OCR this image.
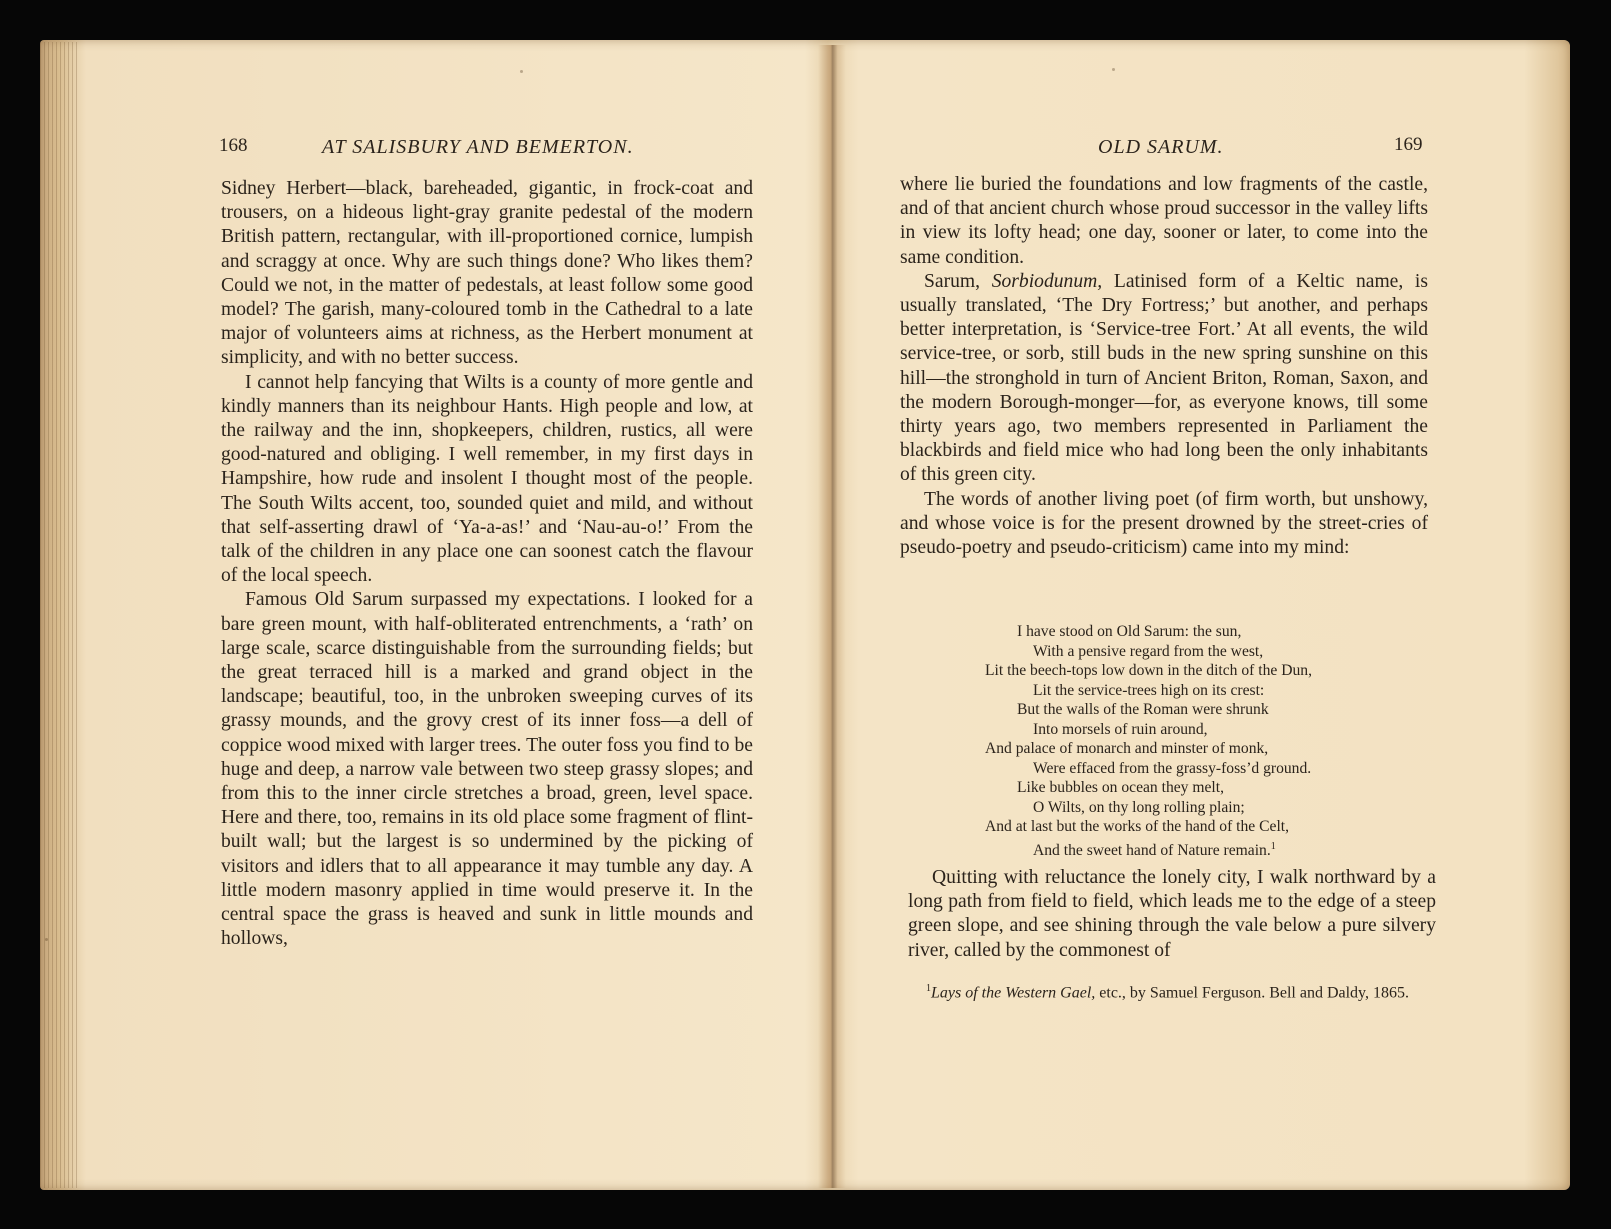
168	AT SALISBURY AND BEMERTON.

Sidney Herbert—black, bareheaded, gigantic, in frock-coat and trousers, on a hideous light-gray granite pedestal of the modern British pattern, rectangular, with ill-proportioned cornice, lumpish and scraggy at once. Why are such things done? Who likes them? Could we not, in the matter of pedestals, at least follow some good model? The garish, many-coloured tomb in the Cathedral to a late major of volunteers aims at richness, as the Herbert monument at simplicity, and with no better success.

I cannot help fancying that Wilts is a county of more gentle and kindly manners than its neighbour Hants. High people and low, at the railway and the inn, shopkeepers, children, rustics, all were good-natured and obliging. I well remember, in my first days in Hampshire, how rude and insolent I thought most of the people. The South Wilts accent, too, sounded quiet and mild, and without that self-asserting drawl of ‘Ya-a-as!’ and ‘Nau-au-o!’ From the talk of the children in any place one can soonest catch the flavour of the local speech.

Famous Old Sarum surpassed my expectations. I looked for a bare green mount, with half-obliterated entrenchments, a ‘rath’ on large scale, scarce distinguishable from the surrounding fields; but the great terraced hill is a marked and grand object in the landscape; beautiful, too, in the unbroken sweeping curves of its grassy mounds, and the grovy crest of its inner foss—a dell of coppice wood mixed with larger trees. The outer foss you find to be huge and deep, a narrow vale between two steep grassy slopes; and from this to the inner circle stretches a broad, green, level space. Here and there, too, remains in its old place some fragment of flint-built wall; but the largest is so undermined by the picking of visitors and idlers that to all appearance it may tumble any day. A little modern masonry applied in time would preserve it. In the central space the grass is heaved and sunk in little mounds and hollows,

OLD SARUM.	169

where lie buried the foundations and low fragments of the castle, and of that ancient church whose proud successor in the valley lifts in view its lofty head; one day, sooner or later, to come into the same condition.

Sarum, Sorbiodunum, Latinised form of a Keltic name, is usually translated, ‘The Dry Fortress;’ but another, and perhaps better interpretation, is ‘Service-tree Fort.’ At all events, the wild service-tree, or sorb, still buds in the new spring sunshine on this hill—the stronghold in turn of Ancient Briton, Roman, Saxon, and the modern Borough-monger—for, as everyone knows, till some thirty years ago, two members represented in Parliament the blackbirds and field mice who had long been the only inhabitants of this green city.

The words of another living poet (of firm worth, but unshowy, and whose voice is for the present drowned by the street-cries of pseudo-poetry and pseudo-criticism) came into my mind:

I have stood on Old Sarum: the sun,
With a pensive regard from the west,
Lit the beech-tops low down in the ditch of the Dun,
Lit the service-trees high on its crest:
But the walls of the Roman were shrunk
Into morsels of ruin around,
And palace of monarch and minster of monk,
Were effaced from the grassy-foss’d ground.
Like bubbles on ocean they melt,
O Wilts, on thy long rolling plain;
And at last but the works of the hand of the Celt,
And the sweet hand of Nature remain.$^1$

Quitting with reluctance the lonely city, I walk northward by a long path from field to field, which leads me to the edge of a steep green slope, and see shining through the vale below a pure silvery river, called by the commonest of

$^1$Lays of the Western Gael, etc., by Samuel Ferguson. Bell and Daldy, 1865.
